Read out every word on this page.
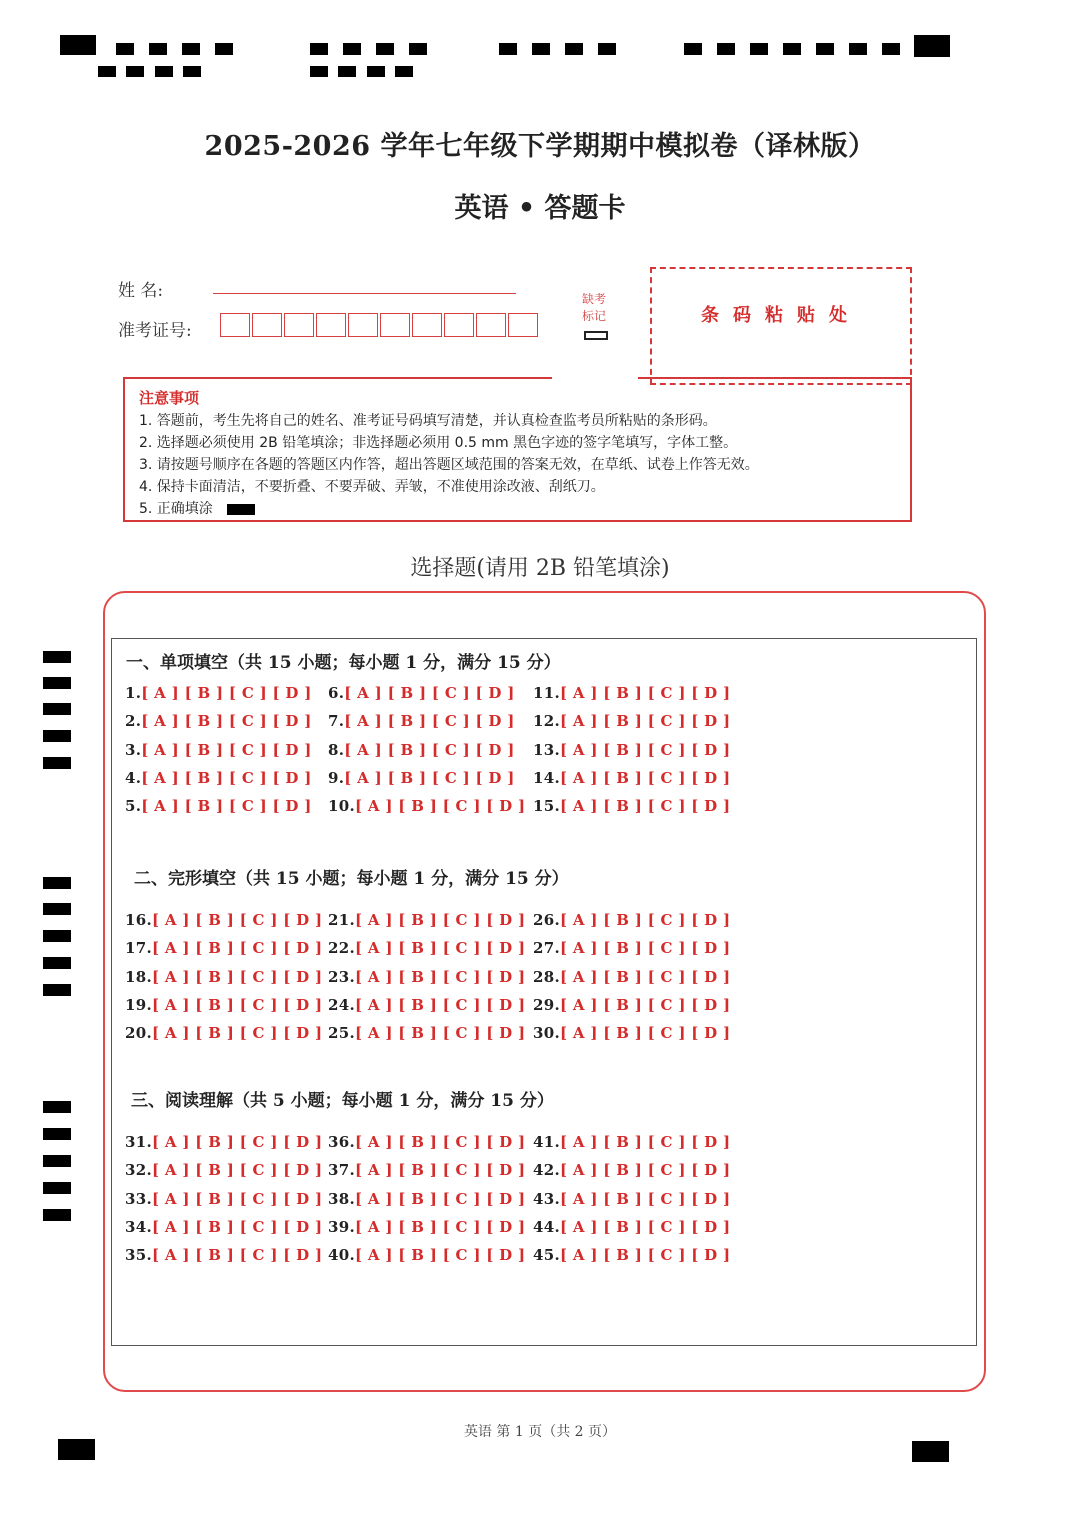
2025-2026 学年七年级下学期期中模拟卷（译林版）
英语 • 答题卡
姓 名:
准考证号:
缺考标记	条码粘贴处
注意事项
1. 答题前，考生先将自己的姓名、准考证号码填写清楚，并认真检查监考员所粘贴的条形码。
2. 选择题必须使用 2B 铅笔填涂；非选择题必须用 0.5 mm 黑色字迹的签字笔填写，字体工整。
3. 请按题号顺序在各题的答题区内作答，超出答题区域范围的答案无效，在草纸、试卷上作答无效。
4. 保持卡面清洁，不要折叠、不要弄破、弄皱，不准使用涂改液、刮纸刀。
5. 正确填涂
选择题(请用 2B 铅笔填涂)
一、单项填空（共 15 小题；每小题 1 分，满分 15 分）
二、完形填空（共 15 小题；每小题 1 分，满分 15 分）
三、阅读理解（共 5 小题；每小题 1 分，满分 15 分）
1.[ A ] [ B ] [ C ] [ D ]
2.[ A ] [ B ] [ C ] [ D ]
3.[ A ] [ B ] [ C ] [ D ]
4.[ A ] [ B ] [ C ] [ D ]
5.[ A ] [ B ] [ C ] [ D ]
6.[ A ] [ B ] [ C ] [ D ]
7.[ A ] [ B ] [ C ] [ D ]
8.[ A ] [ B ] [ C ] [ D ]
9.[ A ] [ B ] [ C ] [ D ]
10.[ A ] [ B ] [ C ] [ D ]
11.[ A ] [ B ] [ C ] [ D ]
12.[ A ] [ B ] [ C ] [ D ]
13.[ A ] [ B ] [ C ] [ D ]
14.[ A ] [ B ] [ C ] [ D ]
15.[ A ] [ B ] [ C ] [ D ]
16.[ A ] [ B ] [ C ] [ D ]
17.[ A ] [ B ] [ C ] [ D ]
18.[ A ] [ B ] [ C ] [ D ]
19.[ A ] [ B ] [ C ] [ D ]
20.[ A ] [ B ] [ C ] [ D ]
21.[ A ] [ B ] [ C ] [ D ]
22.[ A ] [ B ] [ C ] [ D ]
23.[ A ] [ B ] [ C ] [ D ]
24.[ A ] [ B ] [ C ] [ D ]
25.[ A ] [ B ] [ C ] [ D ]
26.[ A ] [ B ] [ C ] [ D ]
27.[ A ] [ B ] [ C ] [ D ]
28.[ A ] [ B ] [ C ] [ D ]
29.[ A ] [ B ] [ C ] [ D ]
30.[ A ] [ B ] [ C ] [ D ]
31.[ A ] [ B ] [ C ] [ D ]
32.[ A ] [ B ] [ C ] [ D ]
33.[ A ] [ B ] [ C ] [ D ]
34.[ A ] [ B ] [ C ] [ D ]
35.[ A ] [ B ] [ C ] [ D ]
36.[ A ] [ B ] [ C ] [ D ]
37.[ A ] [ B ] [ C ] [ D ]
38.[ A ] [ B ] [ C ] [ D ]
39.[ A ] [ B ] [ C ] [ D ]
40.[ A ] [ B ] [ C ] [ D ]
41.[ A ] [ B ] [ C ] [ D ]
42.[ A ] [ B ] [ C ] [ D ]
43.[ A ] [ B ] [ C ] [ D ]
44.[ A ] [ B ] [ C ] [ D ]
45.[ A ] [ B ] [ C ] [ D ]
英语 第 1 页（共 2 页）
